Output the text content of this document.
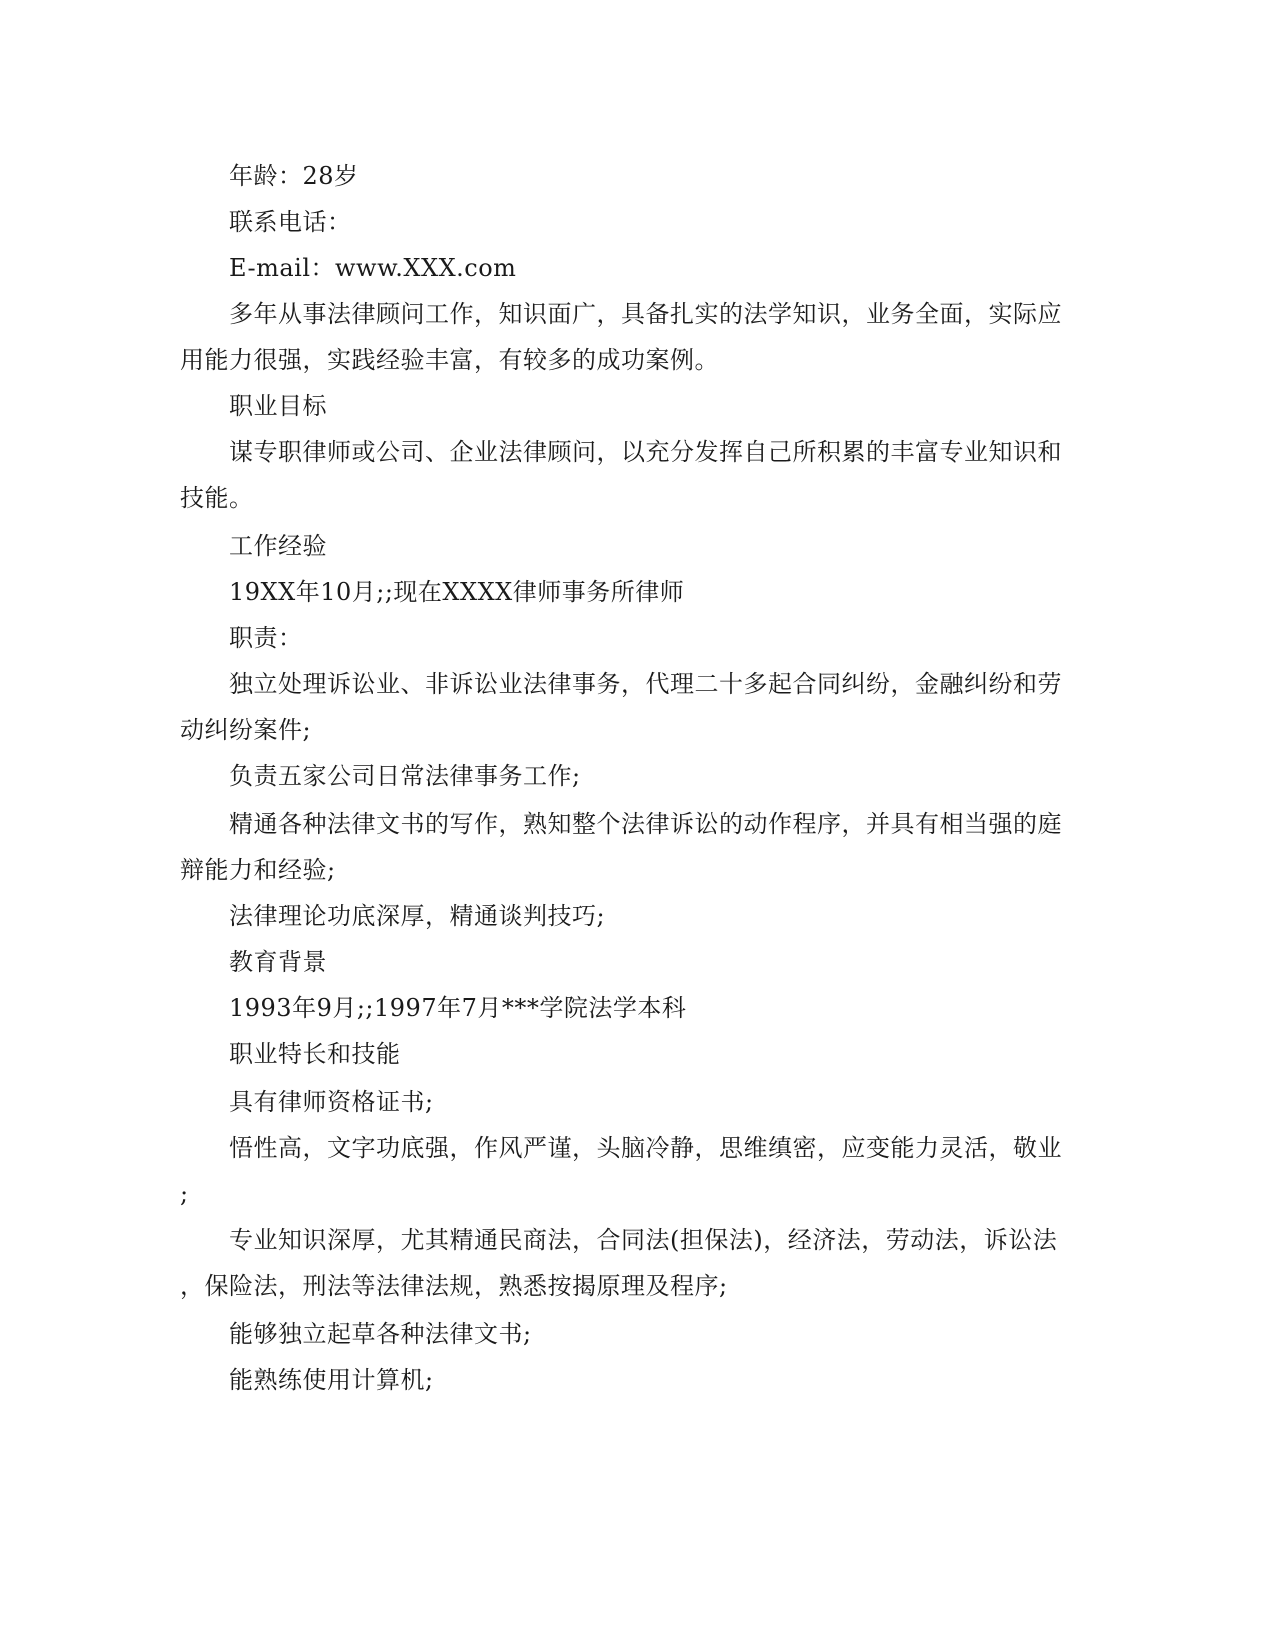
年龄：28岁
联系电话：
E-mail：www.XXX.com
多年从事法律顾问工作，知识面广，具备扎实的法学知识，业务全面，实际应
用能力很强，实践经验丰富，有较多的成功案例。
职业目标
谋专职律师或公司、企业法律顾问，以充分发挥自己所积累的丰富专业知识和
技能。
工作经验
19XX年10月;;现在XXXX律师事务所律师
职责：
独立处理诉讼业、非诉讼业法律事务，代理二十多起合同纠纷，金融纠纷和劳
动纠纷案件;
负责五家公司日常法律事务工作;
精通各种法律文书的写作，熟知整个法律诉讼的动作程序，并具有相当强的庭
辩能力和经验;
法律理论功底深厚，精通谈判技巧;
教育背景
1993年9月;;1997年7月***学院法学本科
职业特长和技能
具有律师资格证书;
悟性高，文字功底强，作风严谨，头脑冷静，思维缜密，应变能力灵活，敬业
;
专业知识深厚，尤其精通民商法，合同法(担保法)，经济法，劳动法，诉讼法
，保险法，刑法等法律法规，熟悉按揭原理及程序;
能够独立起草各种法律文书;
能熟练使用计算机;
